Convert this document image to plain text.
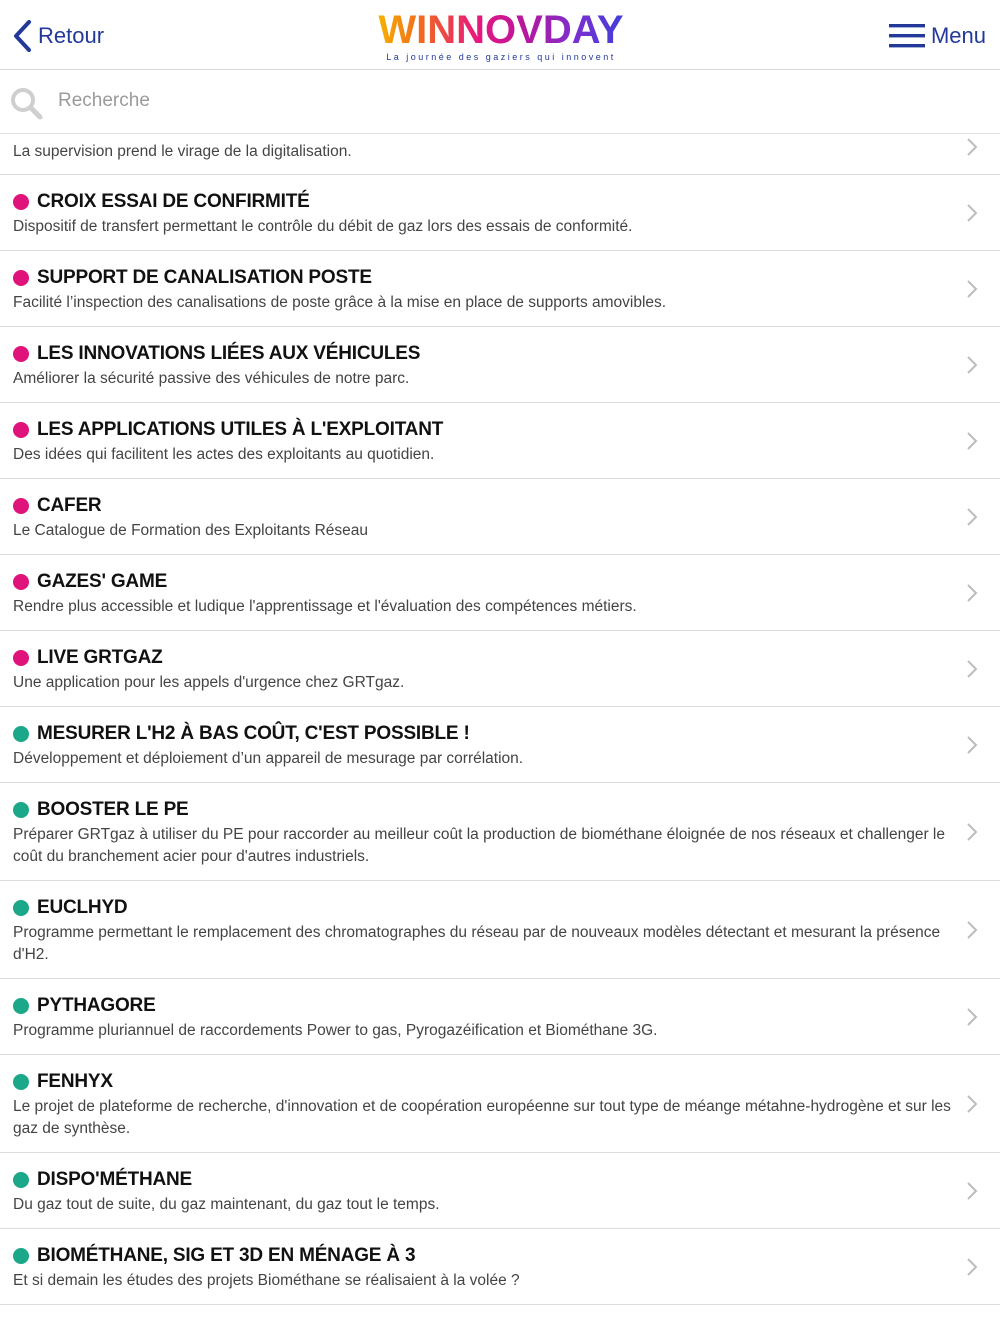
Retour	WINNOVDAY
La journée des gaziers qui innovent
Menu
Recherche
La supervision prend le virage de la digitalisation.
CROIX ESSAI DE CONFIRMITÉ
Dispositif de transfert permettant le contrôle du débit de gaz lors des essais de conformité.
SUPPORT DE CANALISATION POSTE
Facilité l’inspection des canalisations de poste grâce à la mise en place de supports amovibles.
LES INNOVATIONS LIÉES AUX VÉHICULES
Améliorer la sécurité passive des véhicules de notre parc.
LES APPLICATIONS UTILES À L'EXPLOITANT
Des idées qui facilitent les actes des exploitants au quotidien.
CAFER
Le Catalogue de Formation des Exploitants Réseau
GAZES' GAME
Rendre plus accessible et ludique l'apprentissage et l'évaluation des compétences métiers.
LIVE GRTGAZ
Une application pour les appels d'urgence chez GRTgaz.
MESURER L'H2 À BAS COÛT, C'EST POSSIBLE !
Développement et déploiement d’un appareil de mesurage par corrélation.
BOOSTER LE PE
Préparer GRTgaz à utiliser du PE pour raccorder au meilleur coût la production de biométhane éloignée de nos réseaux et challenger le coût du branchement acier pour d'autres industriels.
EUCLHYD
Programme permettant le remplacement des chromatographes du réseau par de nouveaux modèles détectant et mesurant la présence d'H2.
PYTHAGORE
Programme pluriannuel de raccordements Power to gas, Pyrogazéification et Biométhane 3G.
FENHYX
Le projet de plateforme de recherche, d'innovation et de coopération européenne sur tout type de méange métahne-hydrogène et sur les gaz de synthèse.
DISPO'MÉTHANE
Du gaz tout de suite, du gaz maintenant, du gaz tout le temps.
BIOMÉTHANE, SIG ET 3D EN MÉNAGE À 3
Et si demain les études des projets Biométhane se réalisaient à la volée ?
